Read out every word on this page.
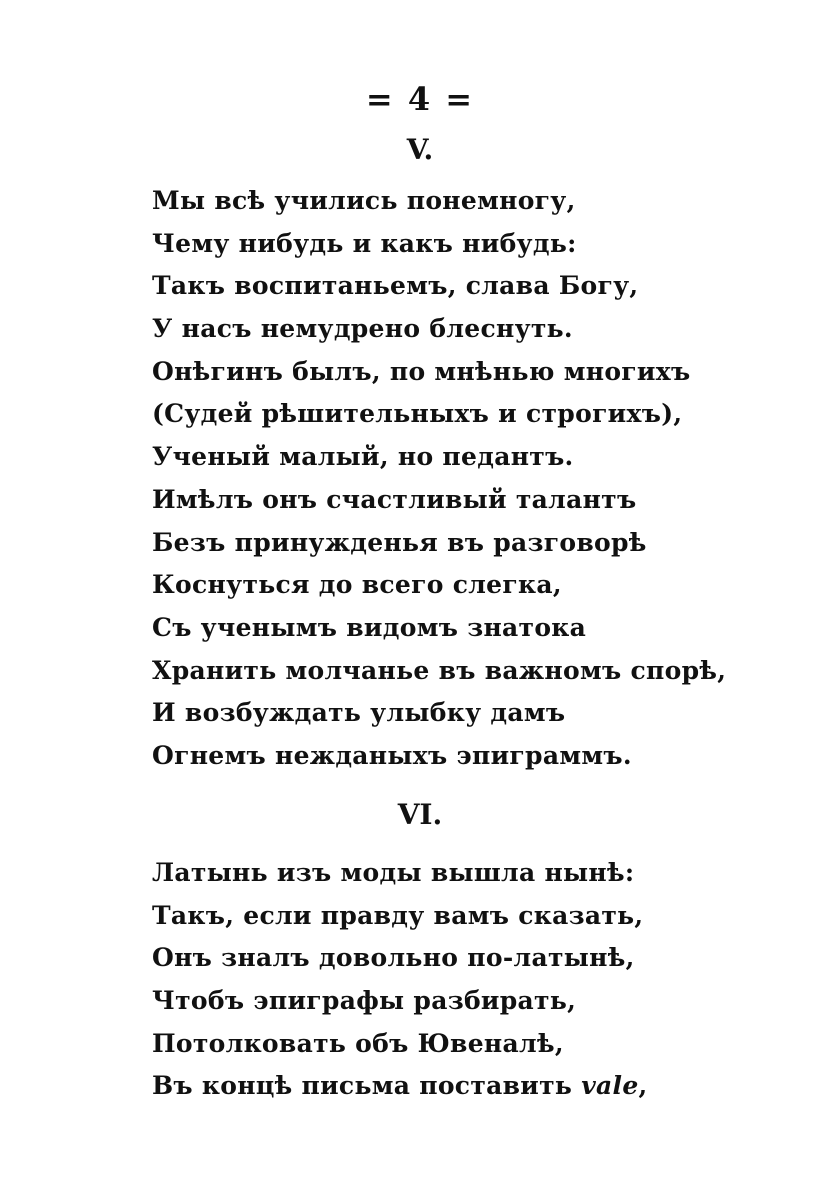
= 4 =
V.
Мы всѣ учились понемногу,
Чему нибудь и какъ нибудь:
Такъ воспитаньемъ, слава Богу,
У насъ немудрено блеснуть.
Онѣгинъ былъ, по мнѣнью многихъ
(Судей рѣшительныхъ и строгихъ),
Ученый малый, но педантъ.
Имѣлъ онъ счастливый талантъ
Безъ принужденья въ разговорѣ
Коснуться до всего слегка,
Съ ученымъ видомъ знатока
Хранить молчанье въ важномъ спорѣ,
И возбуждать улыбку дамъ
Огнемъ нежданыхъ эпиграммъ.
VI.
Латынь изъ моды вышла нынѣ:
Такъ, если правду вамъ сказать,
Онъ зналъ довольно по-латынѣ,
Чтобъ эпиграфы разбирать,
Потолковать объ Ювеналѣ,
Въ концѣ письма поставить vale,
